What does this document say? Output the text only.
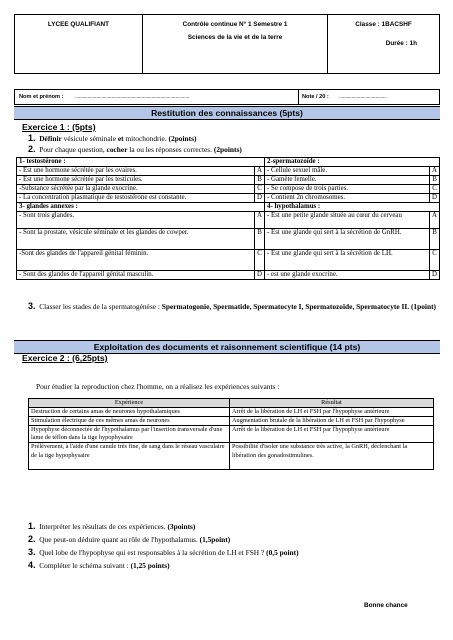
LYCEE QUALIFIANT	Contrôle continue N° 1 Semestre 1
Sciences de la vie et de la terre

Classe : 1BACSHF
Durée : 1h
Nom et prénom : ...........................................................................................	Note / 20 : ......................................
Restitution des connaissances (5pts)
Exercice 1 : (5pts)
1. Définir vésicule séminale et mitochondrie. (2points)
2. Pour chaque question, cocher la ou les réponses correctes. (2points)
1- testostérone :		2-spermatozoïde :	
- Est une hormone sécrétée par les ovaires.	A	- Cellule sexuel mâle.	A
- Est une hormone sécrétée par les testicules.	B	- Gamète femelle.	B
-Substance sécrétée par la glande exocrine.	C	- Se compose de trois parties.	C
- La concentration plasmatique de testostérone est constante.	D	- Contient 2n chromosomes.	D
3- glandes annexes :		4- hypothalamus :	
- Sont trois glandes.	A	- Est une petite glande située au cœur du cerveau	A
- Sont la prostate, vésicule séminale et les glandes de cowper.	B	- Est une glande qui sert à la sécrétion de GnRH.	B
-Sont des glandes de l'appareil génital féminin.	C	- Est une glande qui sert à la sécrétion de LH.	C
- Sont des glandes de l'appareil génital masculin.	D	- est une glande exocrine.	D
3. Classer les stades de la spermatogénèse : Spermatogonie, Spermatide, Spermatocyte I, Spermatozoïde, Spermatocyte II. (1point)
Exploitation des documents et raisonnement scientifique (14 pts)
Exercice 2 : (6,25pts)
Pour étudier la reproduction chez l'homme, on a réalisez les expériences suivants :
Expérience	Résultat
Destruction de certains amas de neurones hypothalamiques	Arrêt de la libération de LH et FSH par l'hypophyse antérieure
Stimulation électrique de ces mêmes amas de neurones	Augmentation brutale de la libération de LH et FSH par l'hypophyse
Hypophyse déconnectée de l'hypothalamus par l'insertion transversale d'une lame de téflon dans la tige hypophysaire	Arrêt de la libération de LH et FSH par l'hypophyse antérieure
Prélèvement, à l'aide d'une canule très fine, de sang dans le réseau vasculaire de la tige hypophysaire	Possibilité d'isoler une substance très active, la GnRH, déclenchant la libération des gonadostimulines.
1. Interpréter les résultats de ces expériences. (3points)
2. Que peut-on déduire quant au rôle de l'hypothalamus. (1,5point)
3. Quel lobe de l'hypophyse qui est responsables à la sécrétion de LH et FSH ? (0,5 point)
4. Compléter le schéma suivant : (1,25 points)
Bonne chance
